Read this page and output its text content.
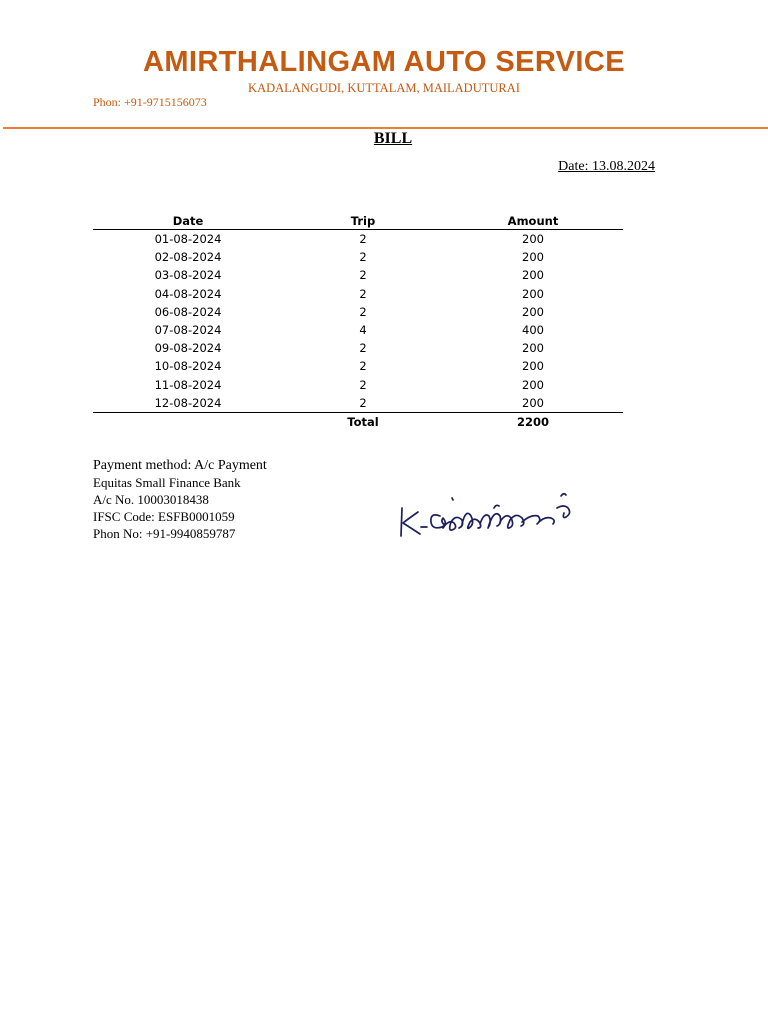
AMIRTHALINGAM AUTO SERVICE
KADALANGUDI, KUTTALAM, MAILADUTURAI
Phon: +91-9715156073
BILL
Date: 13.08.2024
Date	Trip	Amount
01-08-2024	2	200
02-08-2024	2	200
03-08-2024	2	200
04-08-2024	2	200
06-08-2024	2	200
07-08-2024	4	400
09-08-2024	2	200
10-08-2024	2	200
11-08-2024	2	200
12-08-2024	2	200
	Total	2200
Payment method: A/c Payment
Equitas Small Finance Bank
A/c No. 10003018438
IFSC Code: ESFB0001059
Phon No: +91-9940859787
